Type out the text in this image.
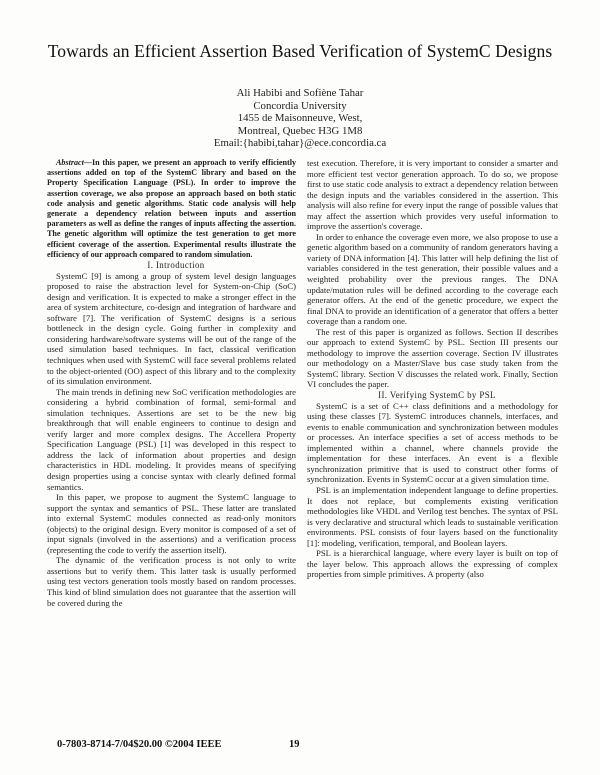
Towards an Efficient Assertion Based Verification of SystemC Designs
Ali Habibi and Sofiène Tahar
Concordia University
1455 de Maisonneuve, West,
Montreal, Quebec H3G 1M8
Email:{habibi,tahar}@ece.concordia.ca

Abstract—In this paper, we present an approach to verify efficiently assertions added on top of the SystemC library and based on the Property Specification Language (PSL). In order to improve the assertion coverage, we also propose an approach based on both static code analysis and genetic algorithms. Static code analysis will help generate a dependency relation between inputs and assertion parameters as well as define the ranges of inputs affecting the assertion. The genetic algorithm will optimize the test generation to get more efficient coverage of the assertion. Experimental results illustrate the efficiency of our approach compared to random simulation.

I. Introduction

SystemC [9] is among a group of system level design languages proposed to raise the abstraction level for System-on-Chip (SoC) design and verification. It is expected to make a stronger effect in the area of system architecture, co-design and integration of hardware and software [7]. The verification of SystemC designs is a serious bottleneck in the design cycle. Going further in complexity and considering hardware/software systems will be out of the range of the used simulation based techniques. In fact, classical verification techniques when used with SystemC will face several problems related to the object-oriented (OO) aspect of this library and to the complexity of its simulation environment.

The main trends in defining new SoC verification methodologies are considering a hybrid combination of formal, semi-formal and simulation techniques. Assertions are set to be the new big breakthrough that will enable engineers to continue to design and verify larger and more complex designs. The Accellera Property Specification Language (PSL) [1] was developed in this respect to address the lack of information about properties and design characteristics in HDL modeling. It provides means of specifying design properties using a concise syntax with clearly defined formal semantics.

In this paper, we propose to augment the SystemC language to support the syntax and semantics of PSL. These latter are translated into external SystemC modules connected as read-only monitors (objects) to the original design. Every monitor is composed of a set of input signals (involved in the assertions) and a verification process (representing the code to verify the assertion itself).

The dynamic of the verification process is not only to write assertions but to verify them. This latter task is usually performed using test vectors generation tools mostly based on random processes. This kind of blind simulation does not guarantee that the assertion will be covered during the

test execution. Therefore, it is very important to consider a smarter and more efficient test vector generation approach. To do so, we propose first to use static code analysis to extract a dependency relation between the design inputs and the variables considered in the assertion. This analysis will also refine for every input the range of possible values that may affect the assertion which provides very useful information to improve the assertion's coverage.

In order to enhance the coverage even more, we also propose to use a genetic algorithm based on a community of random generators having a variety of DNA information [4]. This latter will help defining the list of variables considered in the test generation, their possible values and a weighted probability over the previous ranges. The DNA update/mutation rules will be defined according to the coverage each generator offers. At the end of the genetic procedure, we expect the final DNA to provide an identification of a generator that offers a better coverage than a random one.

The rest of this paper is organized as follows. Section II describes our approach to extend SystemC by PSL. Section III presents our methodology to improve the assertion coverage. Section IV illustrates our methodology on a Master/Slave bus case study taken from the SystemC library. Section V discusses the related work. Finally, Section VI concludes the paper.

II. Verifying SystemC by PSL

SystemC is a set of C++ class definitions and a methodology for using these classes [7]. SystemC introduces channels, interfaces, and events to enable communication and synchronization between modules or processes. An interface specifies a set of access methods to be implemented within a channel, where channels provide the implementation for these interfaces. An event is a flexible synchronization primitive that is used to construct other forms of synchronization. Events in SystemC occur at a given simulation time.

PSL is an implementation independent language to define properties. It does not replace, but complements existing verification methodologies like VHDL and Verilog test benches. The syntax of PSL is very declarative and structural which leads to sustainable verification environments. PSL consists of four layers based on the functionality [1]: modeling, verification, temporal, and Boolean layers.

PSL is a hierarchical language, where every layer is built on top of the layer below. This approach allows the expressing of complex properties from simple primitives. A property (also

0-7803-8714-7/04$20.00 ©2004 IEEE	19
